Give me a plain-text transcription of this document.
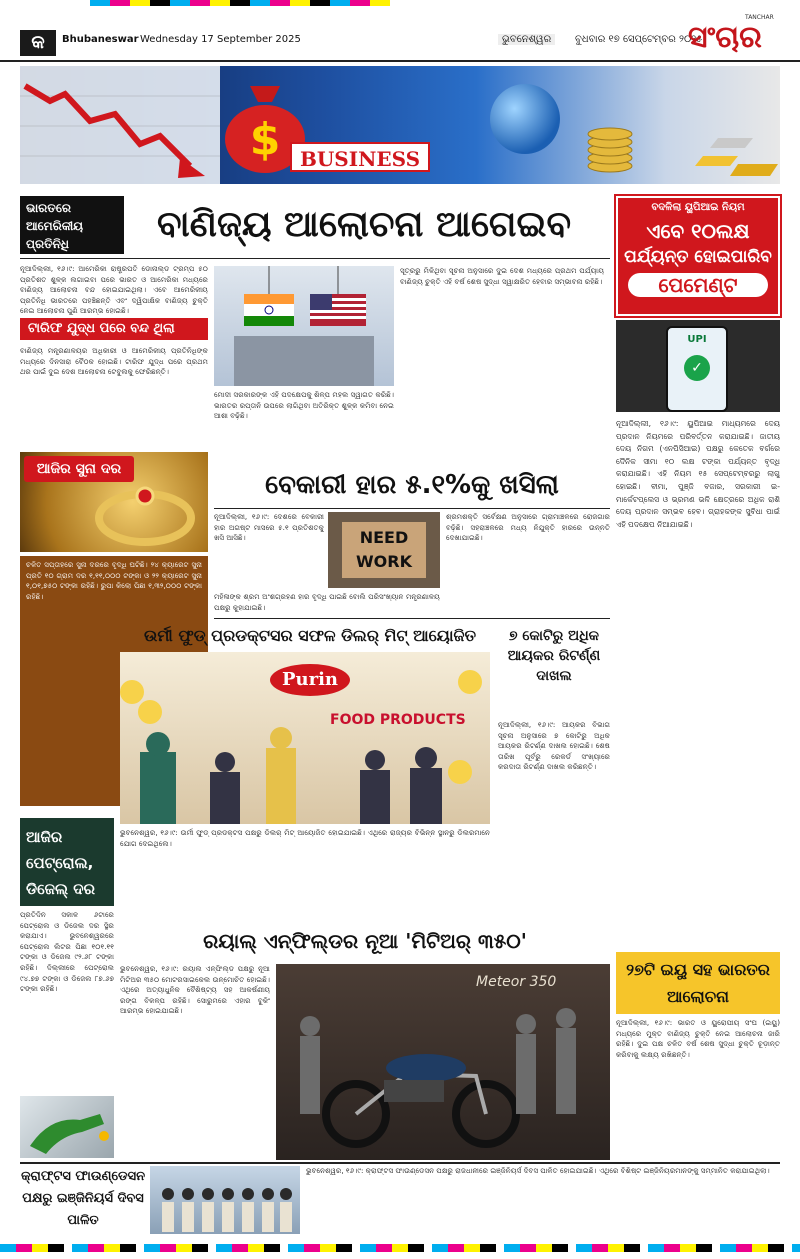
କ	Bhubaneswar Wednesday 17 September 2025	ଭୁବନେଶ୍ୱର	ବୁଧବାର ୧୭ ସେପ୍ଟେମ୍ବର ୨୦୨୫
TANCHAR
ସଂଚାର
$ BUSINESS
ଭାରତରେ ଆମେରିକୀୟ ପ୍ରତିନିଧି	ବାଣିଜ୍ୟ ଆଲୋଚନା ଆଗେଇବ
ନୂଆଦିଲ୍ଲୀ, ୧୬।୯: ଆମେରିକା ରାଷ୍ଟ୍ରପତି ଡୋନାଲ୍ଡ ଟ୍ରମ୍ପ ୫୦ ପ୍ରତିଶତ ଶୁଳ୍କ ଲଗାଇବା ପରେ ଭାରତ ଓ ଆମେରିକା ମଧ୍ୟରେ ବାଣିଜ୍ୟ ଆଲୋଚନା ବନ୍ଦ ହୋଇଯାଇଥିଲା। ଏବେ ଆମେରିକୀୟ ପ୍ରତିନିଧି ଭାରତରେ ପହଞ୍ଚିଛନ୍ତି ଏବଂ ଦ୍ୱିପାକ୍ଷିକ ବାଣିଜ୍ୟ ଚୁକ୍ତି ନେଇ ଆଲୋଚନା ପୁଣି ଆରମ୍ଭ ହୋଇଛି।
ଟାରିଫ ଯୁଦ୍ଧ ପରେ ବନ୍ଦ ଥିଲା
ବାଣିଜ୍ୟ ମନ୍ତ୍ରଣାଳୟର ଅଧିକାରୀ ଓ ଆମେରିକୀୟ ପ୍ରତିନିଧିଙ୍କ ମଧ୍ୟରେ ଦିନସାରା ବୈଠକ ହୋଇଛି। ଟାରିଫ ଯୁଦ୍ଧ ପରେ ପ୍ରଥମ ଥର ପାଇଁ ଦୁଇ ଦେଶ ଆଲୋଚନା ଟେବୁଲକୁ ଫେରିଛନ୍ତି।
ମୋଦୀ ସରକାରଙ୍କ ଏହି ପଦକ୍ଷେପକୁ ଶିଳ୍ପ ମହଲ ସ୍ୱାଗତ କରିଛି। ଭାରତର ରପ୍ତାନି ଉପରେ ଲାଗିଥିବା ଅତିରିକ୍ତ ଶୁଳ୍କ କମିବା ନେଇ ଆଶା ବଢ଼ିଛି।
ସୂତ୍ରରୁ ମିଳିଥିବା ସୂଚନା ଅନୁସାରେ ଦୁଇ ଦେଶ ମଧ୍ୟରେ ପ୍ରଥମ ପର୍ଯ୍ୟାୟ ବାଣିଜ୍ୟ ଚୁକ୍ତି ଏହି ବର୍ଷ ଶେଷ ସୁଦ୍ଧା ସ୍ୱାକ୍ଷରିତ ହେବାର ସମ୍ଭାବନା ରହିଛି।
ବଦଳିଲା ୟୁପିଆଇ ନିୟମ
ଏବେ ୧୦ଲକ୍ଷ
ପର୍ଯ୍ୟନ୍ତ ହୋଇପାରିବ
ପେମେଣ୍ଟ
UPI
✓
ନୂଆଦିଲ୍ଲୀ, ୧୬।୯: ୟୁପିଆଇ ମାଧ୍ୟମରେ ଦେୟ ପ୍ରଦାନ ନିୟମରେ ପରିବର୍ତ୍ତନ କରାଯାଇଛି। ଜାତୀୟ ଦେୟ ନିଗମ (ଏନପିସିଆଇ) ପକ୍ଷରୁ କେତେକ ବର୍ଗରେ ଦୈନିକ ସୀମା ୧୦ ଲକ୍ଷ ଟଙ୍କା ପର୍ଯ୍ୟନ୍ତ ବୃଦ୍ଧି କରାଯାଇଛି। ଏହି ନିୟମ ୧୫ ସେପ୍ଟେମ୍ବରରୁ ଲାଗୁ ହୋଇଛି। ବୀମା, ପୁଞ୍ଜି ବଜାର, ସରକାରୀ ଇ-ମାର୍କେଟପ୍ଲେସ ଓ ଭ୍ରମଣ ଭଳି କ୍ଷେତ୍ରରେ ଅଧିକ ରାଶି ଦେୟ ପ୍ରଦାନ ସମ୍ଭବ ହେବ। ଗ୍ରାହକଙ୍କ ସୁବିଧା ପାଇଁ ଏହି ପଦକ୍ଷେପ ନିଆଯାଇଛି।
ଆଜିର ସୁନା ଦର
ଚଳିତ ସପ୍ତାହରେ ସୁନା ଦରରେ ବୃଦ୍ଧି ଘଟିଛି। ୨୪ କ୍ୟାରେଟ ସୁନା ପ୍ରତି ୧୦ ଗ୍ରାମ ଦର ୧,୧୧,୦୦୦ ଟଙ୍କା ଓ ୨୨ କ୍ୟାରେଟ ସୁନା ୧,୦୧,୭୫୦ ଟଙ୍କା ରହିଛି। ରୁପା କିଲୋ ପିଛା ୧,୩୨,୦୦୦ ଟଙ୍କା ରହିଛି।
ବେକାରୀ ହାର ୫.୧%କୁ ଖସିଲା
ନୂଆଦିଲ୍ଲୀ, ୧୬।୯: ଦେଶରେ ବେକାରୀ ହାର ଅଗଷ୍ଟ ମାସରେ ୫.୧ ପ୍ରତିଶତକୁ ଖସି ଆସିଛି।	NEED WORK
ଶ୍ରମଶକ୍ତି ସର୍ବେକ୍ଷଣ ଅନୁସାରେ ଗ୍ରାମାଞ୍ଚଳରେ ରୋଜଗାର ବଢ଼ିଛି। ସହରାଞ୍ଚଳରେ ମଧ୍ୟ ନିଯୁକ୍ତି ହାରରେ ଉନ୍ନତି ଦେଖାଯାଇଛି।
ମହିଳାଙ୍କ ଶ୍ରମ ଅଂଶଗ୍ରହଣ ହାର ବୃଦ୍ଧି ପାଇଛି ବୋଲି ପରିସଂଖ୍ୟାନ ମନ୍ତ୍ରଣାଳୟ ପକ୍ଷରୁ କୁହାଯାଇଛି।
ଉର୍ମୀ ଫୁଡ୍ ପ୍ରଡକ୍ଟସର ସଫଳ ଡିଲର୍ ମିଟ୍ ଆୟୋଜିତ
Purin
FOOD PRODUCTS
ଭୁବନେଶ୍ୱର, ୧୬।୯: ଉର୍ମୀ ଫୁଡ୍ ପ୍ରଡକ୍ଟସ ପକ୍ଷରୁ ଡିଲର୍ ମିଟ୍ ଆୟୋଜିତ ହୋଇଯାଇଛି। ଏଥିରେ ରାଜ୍ୟର ବିଭିନ୍ନ ସ୍ଥାନରୁ ଡିଲରମାନେ ଯୋଗ ଦେଇଥିଲେ।
୭ କୋଟିରୁ ଅଧିକ ଆୟକର ରିଟର୍ଣ୍ଣ ଦାଖଲ
ନୂଆଦିଲ୍ଲୀ, ୧୬।୯: ଆୟକର ବିଭାଗ ସୂଚନା ଅନୁସାରେ ୭ କୋଟିରୁ ଅଧିକ ଆୟକର ରିଟର୍ଣ୍ଣ ଦାଖଲ ହୋଇଛି। ଶେଷ ତାରିଖ ପୂର୍ବରୁ ରେକର୍ଡ ସଂଖ୍ୟାରେ କରଦାତା ରିଟର୍ଣ୍ଣ ଦାଖଲ କରିଛନ୍ତି।
ଆଜିର ପେଟ୍ରୋଲ, ଡିଜେଲ୍ ଦର
ପ୍ରତିଦିନ ସକାଳ ୬ଟାରେ ପେଟ୍ରୋଲ ଓ ଡିଜେଲ ଦର ସ୍ଥିର କରାଯାଏ। ଭୁବନେଶ୍ୱରରେ ପେଟ୍ରୋଲ ଲିଟର ପିଛା ୧୦୧.୧୧ ଟଙ୍କା ଓ ଡିଜେଲ ୯୨.୬୮ ଟଙ୍କା ରହିଛି। ଦିଲ୍ଲୀରେ ପେଟ୍ରୋଲ ୯୪.୭୭ ଟଙ୍କା ଓ ଡିଜେଲ ୮୭.୬୭ ଟଙ୍କା ରହିଛି।
ରୟାଲ୍ ଏନ୍‌ଫିଲ୍ଡର ନୂଆ 'ମିଟିଅର୍ ୩୫୦'
ଭୁବନେଶ୍ୱର, ୧୬।୯: ରୟାଲ ଏନ୍‌ଫିଲ୍ଡ ପକ୍ଷରୁ ନୂଆ ମିଟିଅର ୩୫୦ ମୋଟରସାଇକେଲ ଉନ୍ମୋଚିତ ହୋଇଛି। ଏଥିରେ ଅତ୍ୟାଧୁନିକ ବୈଶିଷ୍ଟ୍ୟ ସହ ଆକର୍ଷଣୀୟ ରଙ୍ଗ ବିକଳ୍ପ ରହିଛି। ସୋରୁମରେ ଏହାର ବୁକିଂ ଆରମ୍ଭ ହୋଇଯାଇଛି।
Meteor 350
୨୭ଟି ଇୟୁ ସହ ଭାରତର ଆଲୋଚନା
ନୂଆଦିଲ୍ଲୀ, ୧୬।୯: ଭାରତ ଓ ୟୁରୋପୀୟ ସଂଘ (ଇୟୁ) ମଧ୍ୟରେ ମୁକ୍ତ ବାଣିଜ୍ୟ ଚୁକ୍ତି ନେଇ ଆଲୋଚନା ଜାରି ରହିଛି। ଦୁଇ ପକ୍ଷ ଚଳିତ ବର୍ଷ ଶେଷ ସୁଦ୍ଧା ଚୁକ୍ତି ଚୂଡ଼ାନ୍ତ କରିବାକୁ ଲକ୍ଷ୍ୟ ରଖିଛନ୍ତି।
କ୍ରାଫ୍ଟସ ଫାଉଣ୍ଡେସନ ପକ୍ଷରୁ ଇଞ୍ଜିନିୟର୍ସ ଦିବସ ପାଳିତ
ଭୁବନେଶ୍ୱର, ୧୬।୯: କ୍ରାଫ୍ଟସ ଫାଉଣ୍ଡେସନ ପକ୍ଷରୁ ରାଜଧାନୀରେ ଇଞ୍ଜିନିୟର୍ସ ଦିବସ ପାଳିତ ହୋଇଯାଇଛି। ଏଥିରେ ବିଶିଷ୍ଟ ଇଞ୍ଜିନିୟରମାନଙ୍କୁ ସମ୍ମାନିତ କରାଯାଇଥିଲା।
